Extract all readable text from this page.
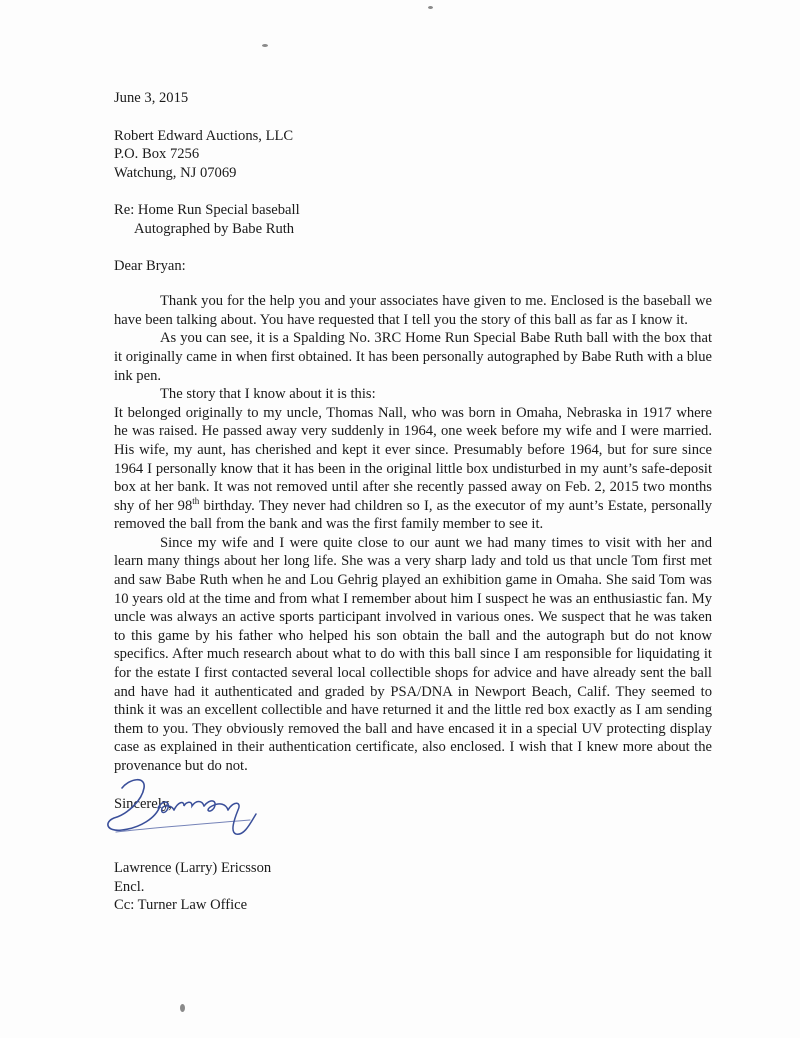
June 3, 2015
Robert Edward Auctions, LLC
P.O. Box 7256
Watchung, NJ 07069
Re: Home Run Special baseball
Autographed by Babe Ruth
Dear Bryan:

Thank you for the help you and your associates have given to me. Enclosed is the baseball we have been talking about. You have requested that I tell you the story of this ball as far as I know it.

As you can see, it is a Spalding No. 3RC Home Run Special Babe Ruth ball with the box that it originally came in when first obtained. It has been personally autographed by Babe Ruth with a blue ink pen.

The story that I know about it is this:

It belonged originally to my uncle, Thomas Nall, who was born in Omaha, Nebraska in 1917 where he was raised. He passed away very suddenly in 1964, one week before my wife and I were married. His wife, my aunt, has cherished and kept it ever since. Presumably before 1964, but for sure since 1964 I personally know that it has been in the original little box undisturbed in my aunt’s safe-deposit box at her bank. It was not removed until after she recently passed away on Feb. 2, 2015 two months shy of her 98th birthday. They never had children so I, as the executor of my aunt’s Estate, personally removed the ball from the bank and was the first family member to see it.

Since my wife and I were quite close to our aunt we had many times to visit with her and learn many things about her long life. She was a very sharp lady and told us that uncle Tom first met and saw Babe Ruth when he and Lou Gehrig played an exhibition game in Omaha. She said Tom was 10 years old at the time and from what I remember about him I suspect he was an enthusiastic fan. My uncle was always an active sports participant involved in various ones. We suspect that he was taken to this game by his father who helped his son obtain the ball and the autograph but do not know specifics. After much research about what to do with this ball since I am responsible for liquidating it for the estate I first contacted several local collectible shops for advice and have already sent the ball and have had it authenticated and graded by PSA/DNA in Newport Beach, Calif. They seemed to think it was an excellent collectible and have returned it and the little red box exactly as I am sending them to you. They obviously removed the ball and have encased it in a special UV protecting display case as explained in their authentication certificate, also enclosed. I wish that I knew more about the provenance but do not.

Sincerely,
Lawrence (Larry) Ericsson
Encl.
Cc: Turner Law Office
